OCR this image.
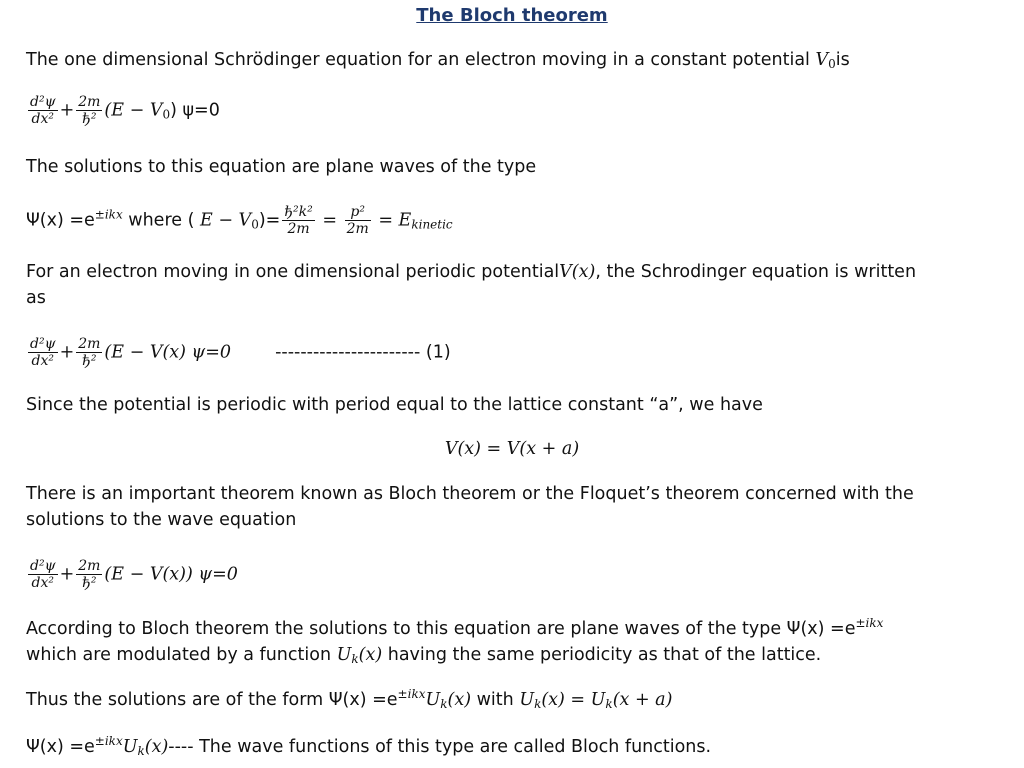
The Bloch theorem
The one dimensional Schrödinger equation for an electron moving in a constant potential $V_0is$
$\frac{\text{d²ψ}}{\text{dx²}} + \frac{2m}{\text{ђ²}} (E - V_0)$ ψ=0
The solutions to this equation are plane waves of the type
$\Psi(x) =e^{\pm ikx}$ where ( $E - V_0)= \frac{\text{ђ²k²}}{2m} = \frac{\text{p²}}{2m} = E_{kinetic}$
For an electron moving in one dimensional periodic potentialV(x), the Schrodinger equation is written
as
$\frac{\text{d²ψ}}{\text{dx²}} + \frac{2m}{\text{ђ²}} (E - V(x)$ ψ=0	----------------------- (1)
Since the potential is periodic with period equal to the lattice constant “a”, we have
V(x) = V(x + a)
There is an important theorem known as Bloch theorem or the Floquet’s theorem concerned with the
solutions to the wave equation
$\frac{\text{d²ψ}}{\text{dx²}} + \frac{2m}{\text{ђ²}} (E - V(x))$ ψ=0
According to Bloch theorem the solutions to this equation are plane waves of the type $\Psi(x) =e^{\pm ikx}$
which are modulated by a function $U_k(x)$ having the same periodicity as that of the lattice.
Thus the solutions are of the form $\Psi(x) =e^{\pm ikx}U_k(x)$ with $U_k(x) = U_k(x + a)$
$\Psi(x) =e^{\pm ikx}U_k(x)----$ The wave functions of this type are called Bloch functions.
